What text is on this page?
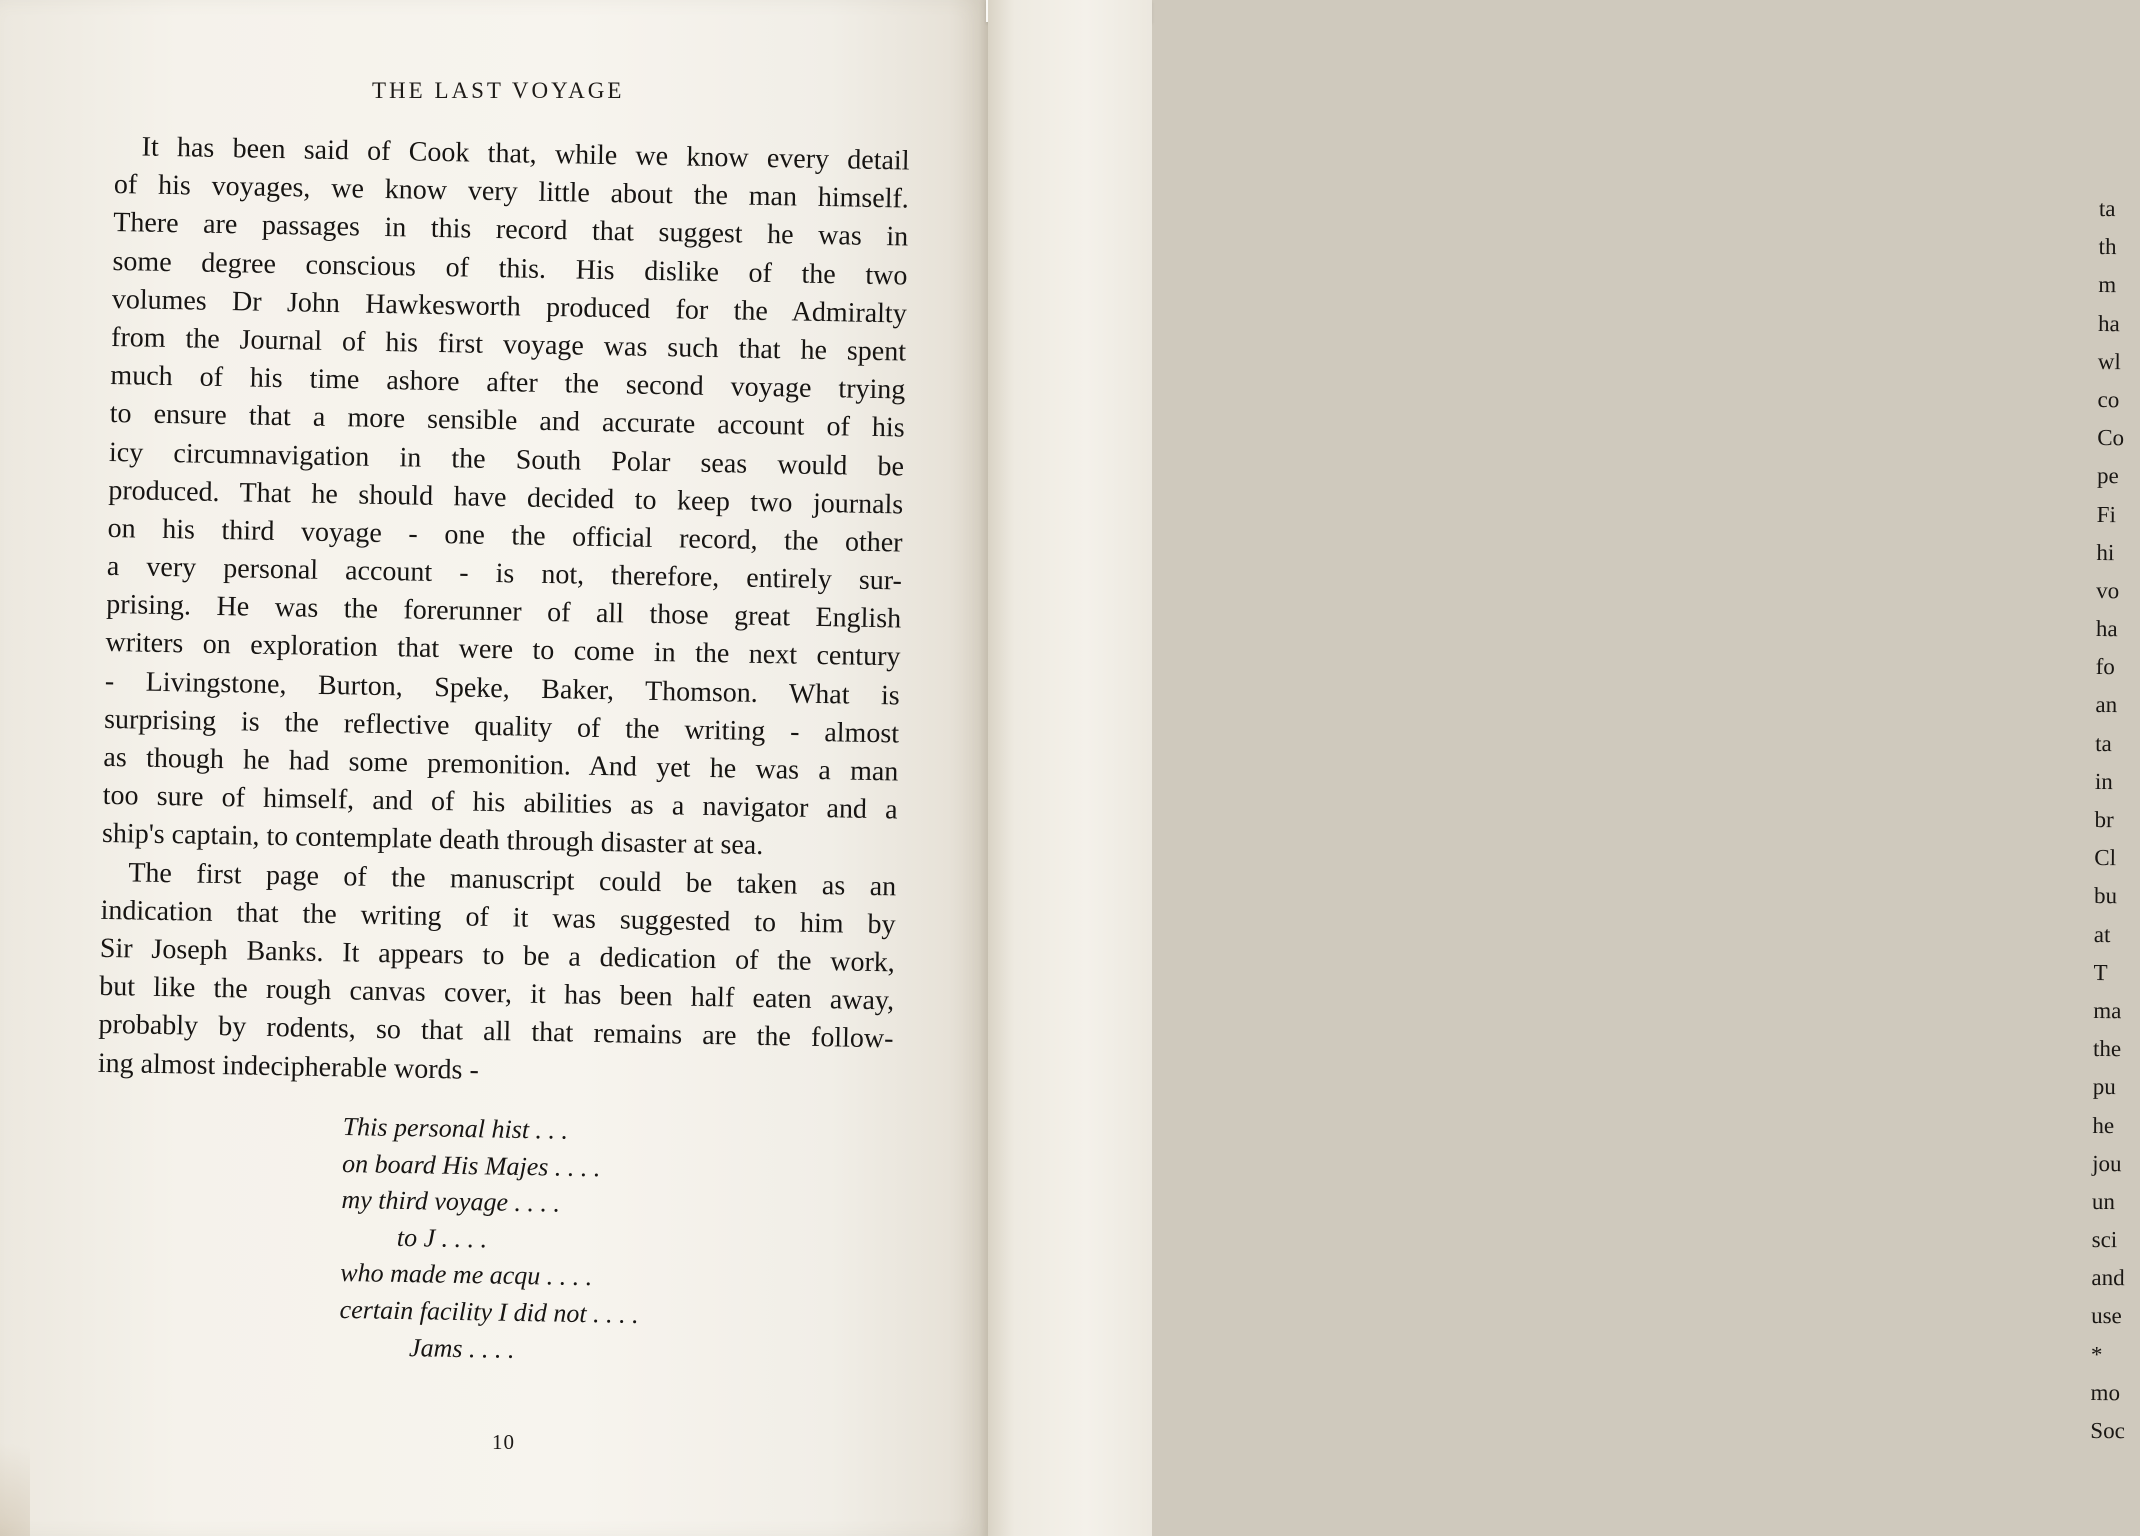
THE LAST VOYAGE
It has been said of Cook that, while we know every detail
of his voyages, we know very little about the man himself.
There are passages in this record that suggest he was in
some degree conscious of this. His dislike of the two
volumes Dr John Hawkesworth produced for the Admiralty
from the Journal of his first voyage was such that he spent
much of his time ashore after the second voyage trying
to ensure that a more sensible and accurate account of his
icy circumnavigation in the South Polar seas would be
produced. That he should have decided to keep two journals
on his third voyage - one the official record, the other
a very personal account - is not, therefore, entirely sur-
prising. He was the forerunner of all those great English
writers on exploration that were to come in the next century
- Livingstone, Burton, Speke, Baker, Thomson. What is
surprising is the reflective quality of the writing - almost
as though he had some premonition. And yet he was a man
too sure of himself, and of his abilities as a navigator and a
ship's captain, to contemplate death through disaster at sea.
The first page of the manuscript could be taken as an
indication that the writing of it was suggested to him by
Sir Joseph Banks. It appears to be a dedication of the work,
but like the rough canvas cover, it has been half eaten away,
probably by rodents, so that all that remains are the follow-
ing almost indecipherable words -
This personal hist . . .
on board His Majes . . . .
my third voyage . . . .
to J . . . .
who made me acqu . . . .
certain facility I did not . . . .
Jams . . . .
10
ta
th
m
ha
wl
co
Co
pe
Fi
hi
vo
ha
fo
an
ta
in
br
Cl
bu
at
T
ma
the
pu
he
jou
un
sci
and
use
*
mo
Soc
